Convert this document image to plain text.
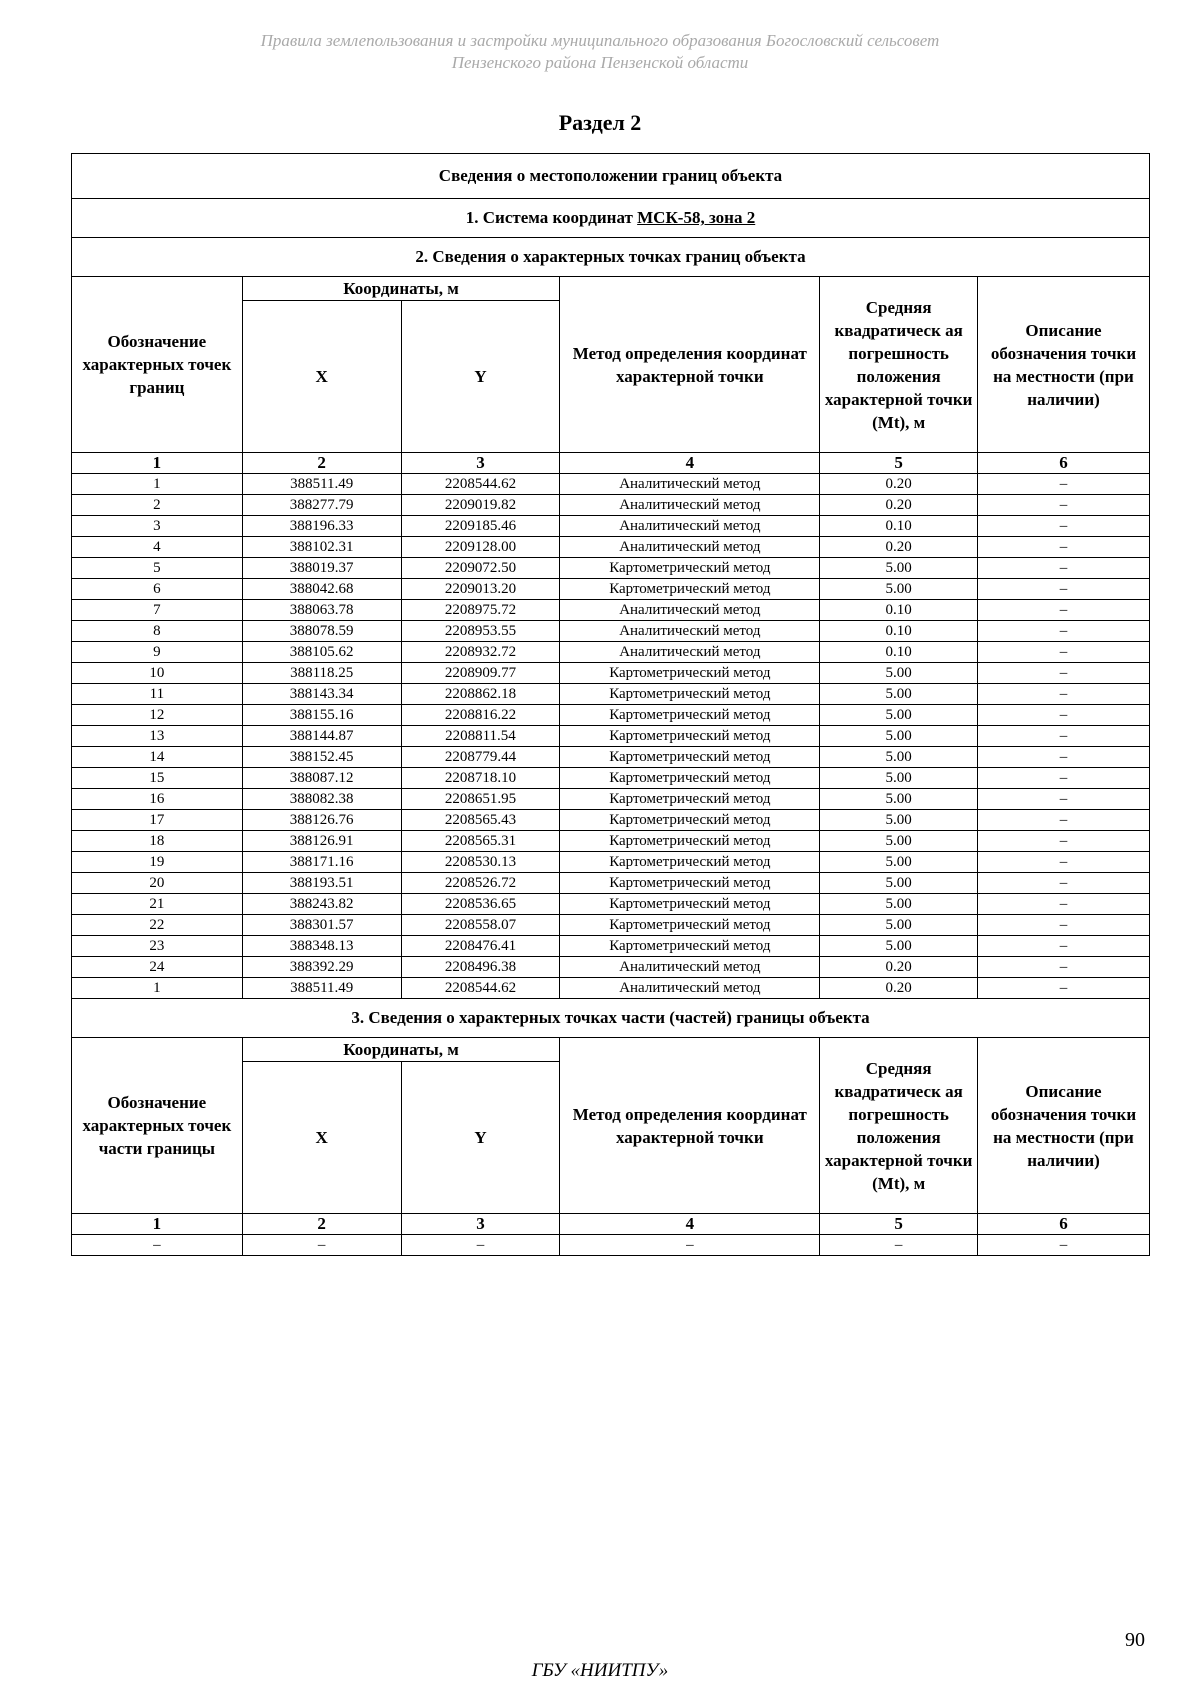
Правила землепользования и застройки муниципального образования Богословский сельсовет
Пензенского района Пензенской области
Раздел 2
Сведения о местоположении границ объекта					
1. Система координат МСК-58, зона 2					
2. Сведения о характерных точках границ объекта					
Обозначение характерных точек границ	Координаты, м		Метод определения координат характерной точки	Средняя квадратическ ая погрешность положения характерной точки (Mt), м	Описание обозначения точки на местности (при наличии)
	X	Y			
1	2	3	4	5	6
1	388511.49	2208544.62	Аналитический метод	0.20	–
2	388277.79	2209019.82	Аналитический метод	0.20	–
3	388196.33	2209185.46	Аналитический метод	0.10	–
4	388102.31	2209128.00	Аналитический метод	0.20	–
5	388019.37	2209072.50	Картометрический метод	5.00	–
6	388042.68	2209013.20	Картометрический метод	5.00	–
7	388063.78	2208975.72	Аналитический метод	0.10	–
8	388078.59	2208953.55	Аналитический метод	0.10	–
9	388105.62	2208932.72	Аналитический метод	0.10	–
10	388118.25	2208909.77	Картометрический метод	5.00	–
11	388143.34	2208862.18	Картометрический метод	5.00	–
12	388155.16	2208816.22	Картометрический метод	5.00	–
13	388144.87	2208811.54	Картометрический метод	5.00	–
14	388152.45	2208779.44	Картометрический метод	5.00	–
15	388087.12	2208718.10	Картометрический метод	5.00	–
16	388082.38	2208651.95	Картометрический метод	5.00	–
17	388126.76	2208565.43	Картометрический метод	5.00	–
18	388126.91	2208565.31	Картометрический метод	5.00	–
19	388171.16	2208530.13	Картометрический метод	5.00	–
20	388193.51	2208526.72	Картометрический метод	5.00	–
21	388243.82	2208536.65	Картометрический метод	5.00	–
22	388301.57	2208558.07	Картометрический метод	5.00	–
23	388348.13	2208476.41	Картометрический метод	5.00	–
24	388392.29	2208496.38	Аналитический метод	0.20	–
1	388511.49	2208544.62	Аналитический метод	0.20	–
3. Сведения о характерных точках части (частей) границы объекта					
Обозначение характерных точек части границы	Координаты, м		Метод определения координат характерной точки	Средняя квадратическ ая погрешность положения характерной точки (Mt), м	Описание обозначения точки на местности (при наличии)
	X	Y			
1	2	3	4	5	6
–	–	–	–	–	–
90
ГБУ «НИИТПУ»
